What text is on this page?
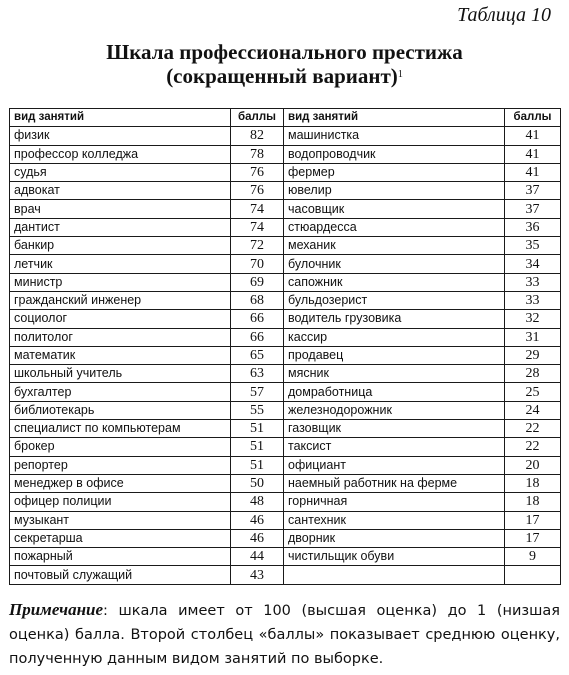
Таблица 10
Шкала профессионального престижа
(сокращенный вариант)$^1$
вид занятий	баллы	вид занятий	баллы
физик	82	машинистка	41
профессор колледжа	78	водопроводчик	41
судья	76	фермер	41
адвокат	76	ювелир	37
врач	74	часовщик	37
дантист	74	стюардесса	36
банкир	72	механик	35
летчик	70	булочник	34
министр	69	сапожник	33
гражданский инженер	68	бульдозерист	33
социолог	66	водитель грузовика	32
политолог	66	кассир	31
математик	65	продавец	29
школьный учитель	63	мясник	28
бухгалтер	57	домработница	25
библиотекарь	55	железнодорожник	24
специалист по компьютерам	51	газовщик	22
брокер	51	таксист	22
репортер	51	официант	20
менеджер в офисе	50	наемный работник на ферме	18
офицер полиции	48	горничная	18
музыкант	46	сантехник	17
секретарша	46	дворник	17
пожарный	44	чистильщик обуви	9
почтовый служащий	43		
Примечание: шкала имеет от 100 (высшая оценка) до 1 (низшая оценка) балла. Второй столбец «баллы» показывает среднюю оценку, полученную данным видом занятий по выборке.
